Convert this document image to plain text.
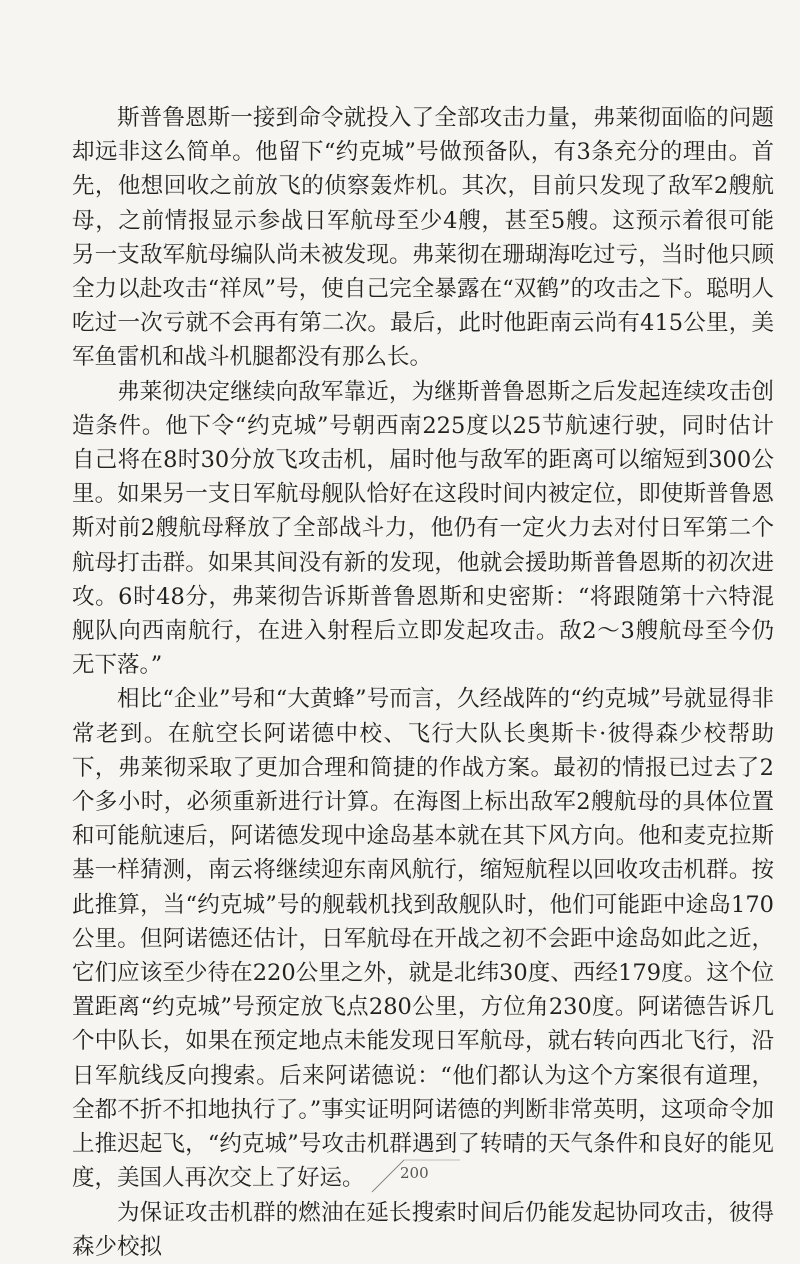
斯普鲁恩斯一接到命令就投入了全部攻击力量，弗莱彻面临的问题却远非这么简单。他留下“约克城”号做预备队，有3条充分的理由。首先，他想回收之前放飞的侦察轰炸机。其次，目前只发现了敌军2艘航母，之前情报显示参战日军航母至少4艘，甚至5艘。这预示着很可能另一支敌军航母编队尚未被发现。弗莱彻在珊瑚海吃过亏，当时他只顾全力以赴攻击“祥凤”号，使自己完全暴露在“双鹤”的攻击之下。聪明人吃过一次亏就不会再有第二次。最后，此时他距南云尚有415公里，美军鱼雷机和战斗机腿都没有那么长。

弗莱彻决定继续向敌军靠近，为继斯普鲁恩斯之后发起连续攻击创造条件。他下令“约克城”号朝西南225度以25节航速行驶，同时估计自己将在8时30分放飞攻击机，届时他与敌军的距离可以缩短到300公里。如果另一支日军航母舰队恰好在这段时间内被定位，即使斯普鲁恩斯对前2艘航母释放了全部战斗力，他仍有一定火力去对付日军第二个航母打击群。如果其间没有新的发现，他就会援助斯普鲁恩斯的初次进攻。6时48分，弗莱彻告诉斯普鲁恩斯和史密斯：“将跟随第十六特混舰队向西南航行，在进入射程后立即发起攻击。敌2～3艘航母至今仍无下落。”

相比“企业”号和“大黄蜂”号而言，久经战阵的“约克城”号就显得非常老到。在航空长阿诺德中校、飞行大队长奥斯卡·彼得森少校帮助下，弗莱彻采取了更加合理和简捷的作战方案。最初的情报已过去了2个多小时，必须重新进行计算。在海图上标出敌军2艘航母的具体位置和可能航速后，阿诺德发现中途岛基本就在其下风方向。他和麦克拉斯基一样猜测，南云将继续迎东南风航行，缩短航程以回收攻击机群。按此推算，当“约克城”号的舰载机找到敌舰队时，他们可能距中途岛170公里。但阿诺德还估计，日军航母在开战之初不会距中途岛如此之近，它们应该至少待在220公里之外，就是北纬30度、西经179度。这个位置距离“约克城”号预定放飞点280公里，方位角230度。阿诺德告诉几个中队长，如果在预定地点未能发现日军航母，就右转向西北飞行，沿日军航线反向搜索。后来阿诺德说：“他们都认为这个方案很有道理，全都不折不扣地执行了。”事实证明阿诺德的判断非常英明，这项命令加上推迟起飞，“约克城”号攻击机群遇到了转晴的天气条件和良好的能见度，美国人再次交上了好运。

为保证攻击机群的燃油在延长搜索时间后仍能发起协同攻击，彼得森少校拟

200
